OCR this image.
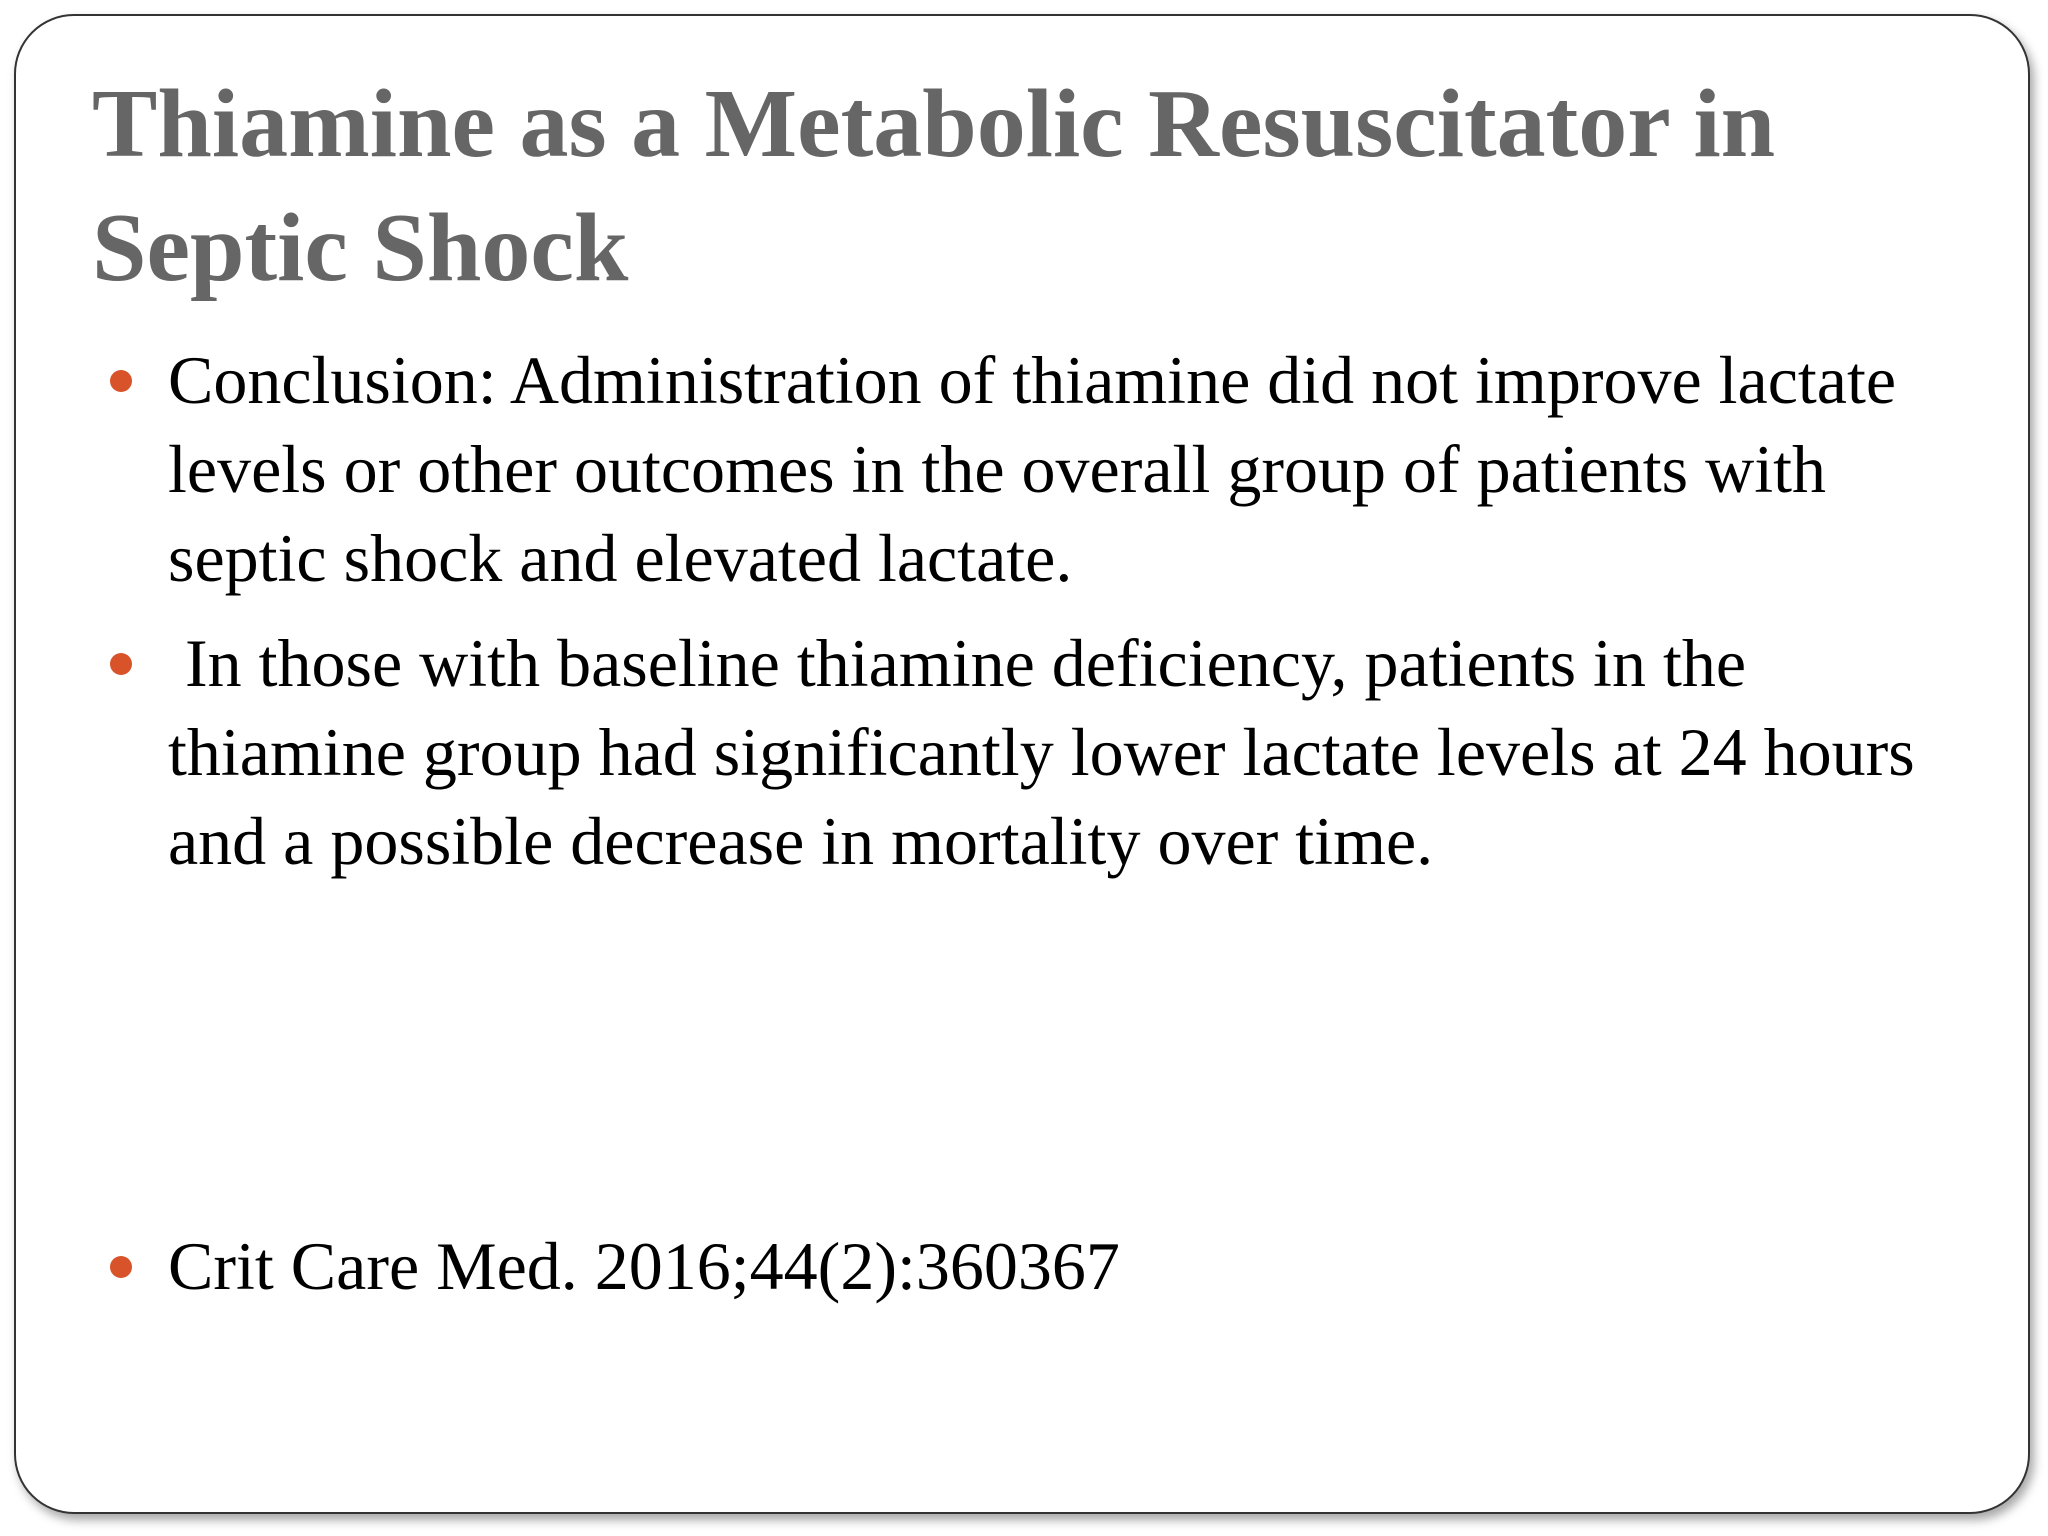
Thiamine as a Metabolic Resuscitator in Septic Shock
Conclusion: Administration of thiamine did not improve lactate levels or other outcomes in the overall group of patients with septic shock and elevated lactate.
In those with baseline thiamine deficiency, patients in the thiamine group had significantly lower lactate levels at 24 hours and a possible decrease in mortality over time.
Crit Care Med. 2016;44(2):360367
